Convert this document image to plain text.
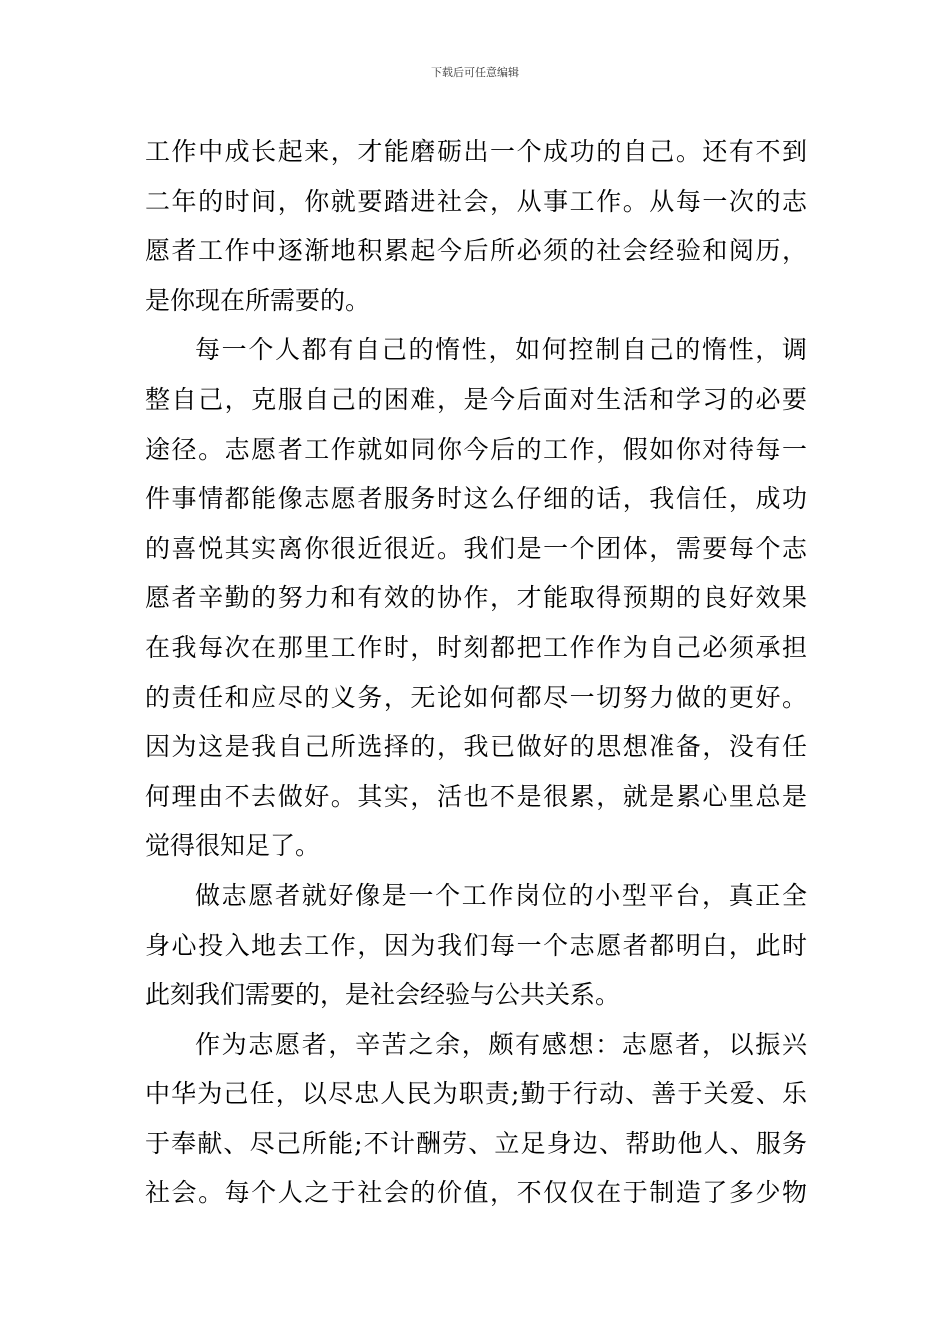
下载后可任意编辑
工作中成长起来，才能磨砺出一个成功的自己。还有不到
二年的时间，你就要踏进社会，从事工作。从每一次的志
愿者工作中逐渐地积累起今后所必须的社会经验和阅历，
是你现在所需要的。
每一个人都有自己的惰性，如何控制自己的惰性，调
整自己，克服自己的困难，是今后面对生活和学习的必要
途径。志愿者工作就如同你今后的工作，假如你对待每一
件事情都能像志愿者服务时这么仔细的话，我信任，成功
的喜悦其实离你很近很近。我们是一个团体，需要每个志
愿者辛勤的努力和有效的协作，才能取得预期的良好效果
在我每次在那里工作时，时刻都把工作作为自己必须承担
的责任和应尽的义务，无论如何都尽一切努力做的更好。
因为这是我自己所选择的，我已做好的思想准备，没有任
何理由不去做好。其实，活也不是很累，就是累心里总是
觉得很知足了。
做志愿者就好像是一个工作岗位的小型平台，真正全
身心投入地去工作，因为我们每一个志愿者都明白，此时
此刻我们需要的，是社会经验与公共关系。
作为志愿者，辛苦之余，颇有感想：志愿者，以振兴
中华为己任，以尽忠人民为职责;勤于行动、善于关爱、乐
于奉献、尽己所能;不计酬劳、立足身边、帮助他人、服务
社会。每个人之于社会的价值，不仅仅在于制造了多少物
